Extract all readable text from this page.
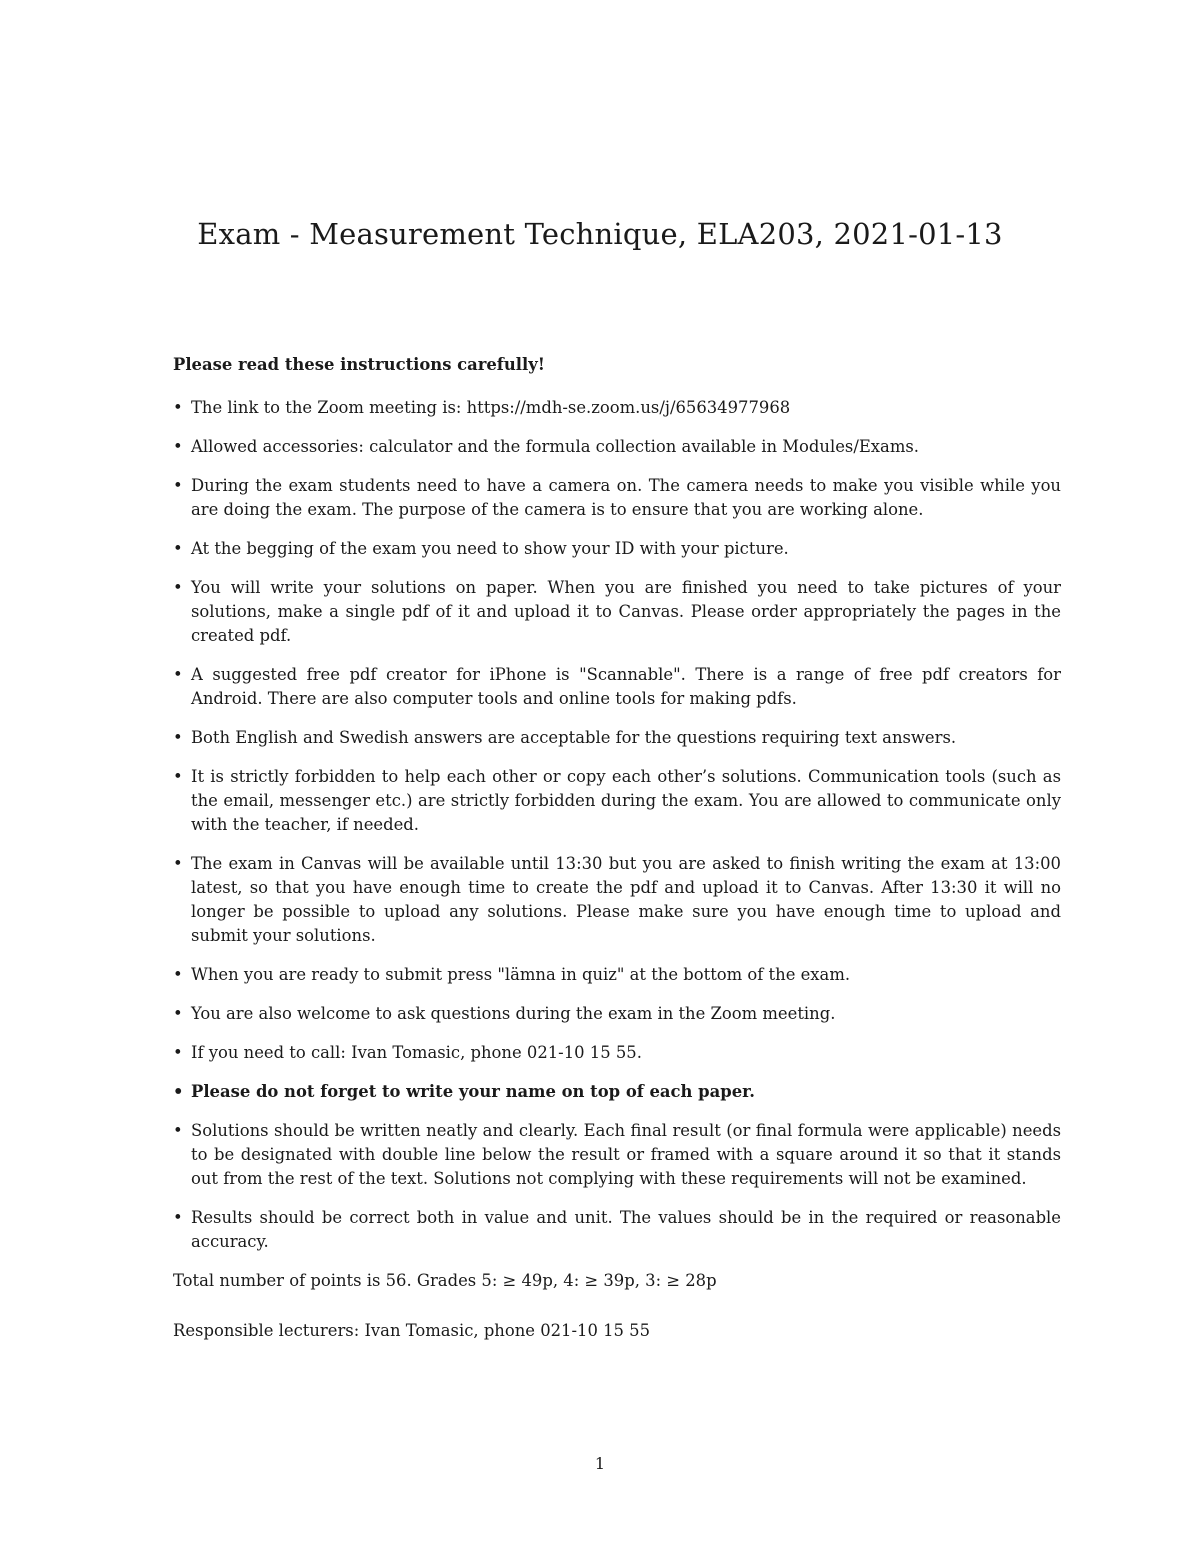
Exam - Measurement Technique, ELA203, 2021-01-13

Please read these instructions carefully!

• The link to the Zoom meeting is: https://mdh-se.zoom.us/j/65634977968
• Allowed accessories: calculator and the formula collection available in Modules/Exams.
• During the exam students need to have a camera on. The camera needs to make you visible while you are doing the exam. The purpose of the camera is to ensure that you are working alone.
• At the begging of the exam you need to show your ID with your picture.
• You will write your solutions on paper. When you are finished you need to take pictures of your solutions, make a single pdf of it and upload it to Canvas. Please order appropriately the pages in the created pdf.
• A suggested free pdf creator for iPhone is "Scannable". There is a range of free pdf creators for Android. There are also computer tools and online tools for making pdfs.
• Both English and Swedish answers are acceptable for the questions requiring text answers.
• It is strictly forbidden to help each other or copy each other’s solutions. Communication tools (such as the email, messenger etc.) are strictly forbidden during the exam. You are allowed to communicate only with the teacher, if needed.
• The exam in Canvas will be available until 13:30 but you are asked to finish writing the exam at 13:00 latest, so that you have enough time to create the pdf and upload it to Canvas. After 13:30 it will no longer be possible to upload any solutions. Please make sure you have enough time to upload and submit your solutions.
• When you are ready to submit press "lämna in quiz" at the bottom of the exam.
• You are also welcome to ask questions during the exam in the Zoom meeting.
• If you need to call: Ivan Tomasic, phone 021-10 15 55.
• Please do not forget to write your name on top of each paper.
• Solutions should be written neatly and clearly. Each final result (or final formula were applicable) needs to be designated with double line below the result or framed with a square around it so that it stands out from the rest of the text. Solutions not complying with these requirements will not be examined.
• Results should be correct both in value and unit. The values should be in the required or reasonable accuracy.

Total number of points is 56. Grades 5: ≥ 49p, 4: ≥ 39p, 3: ≥ 28p

Responsible lecturers: Ivan Tomasic, phone 021-10 15 55

1
